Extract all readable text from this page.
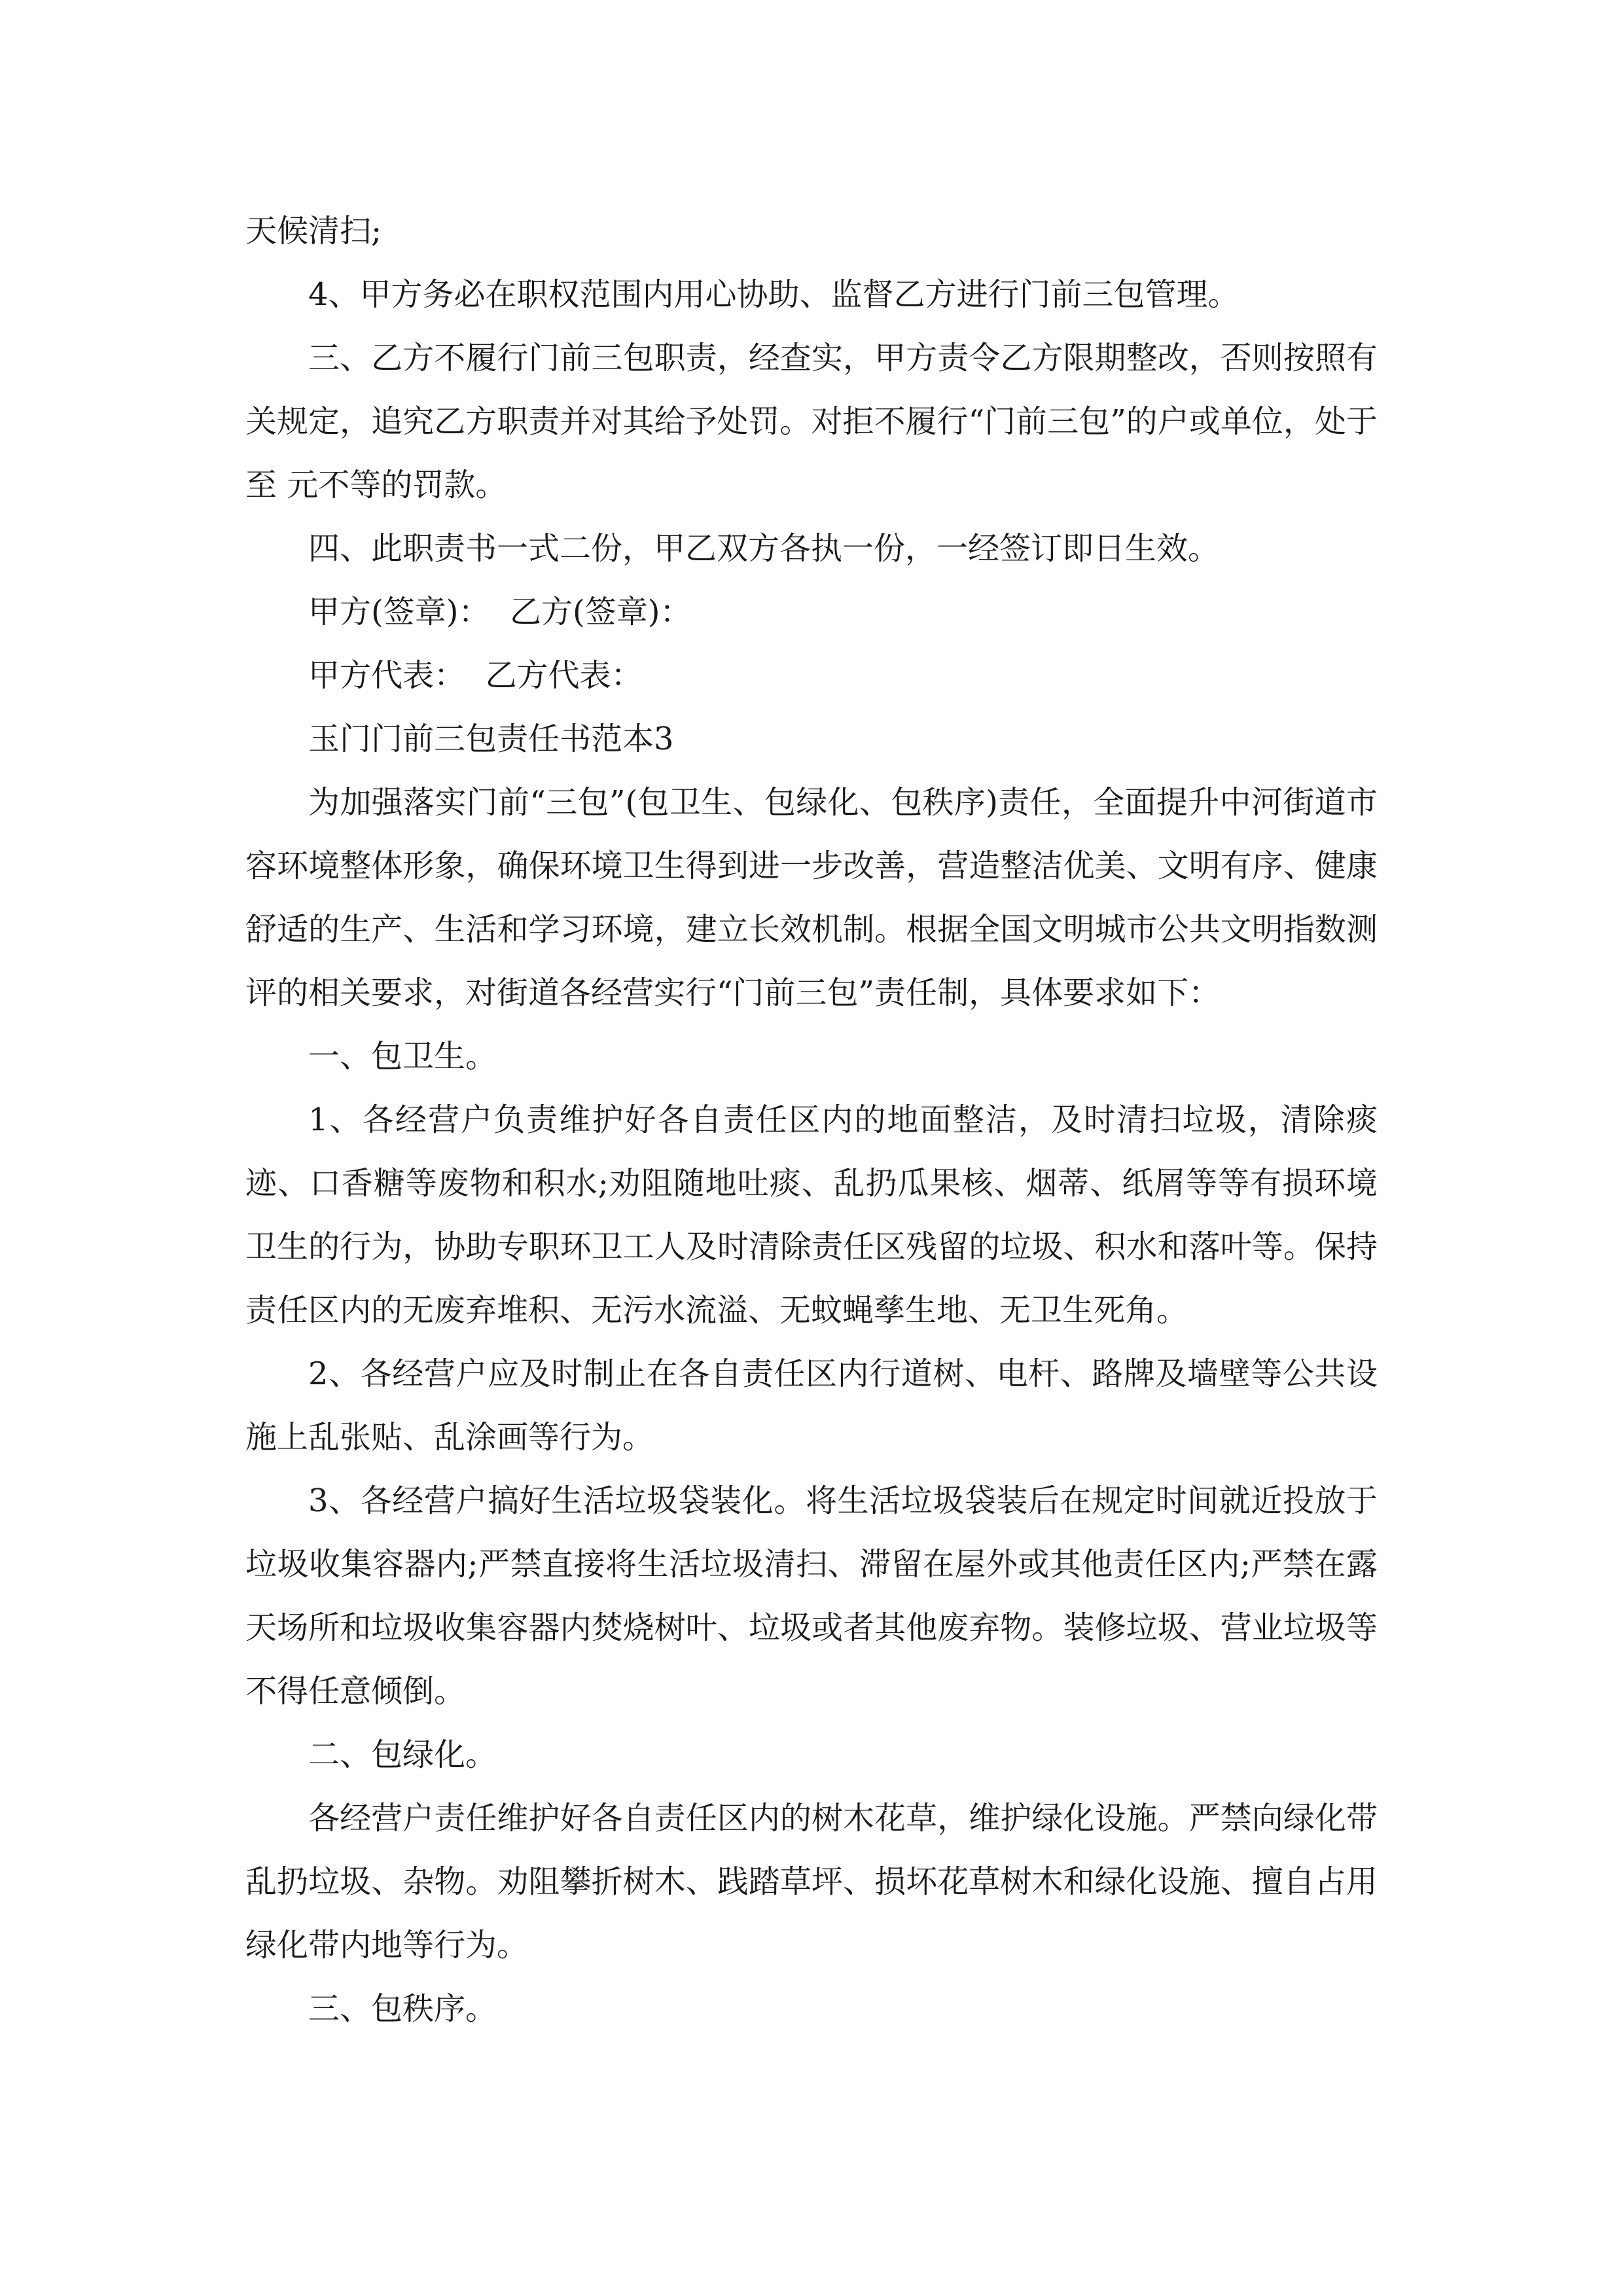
天候清扫;

4、甲方务必在职权范围内用心协助、监督乙方进行门前三包管理。

三、乙方不履行门前三包职责，经查实，甲方责令乙方限期整改，否则按照有关规定，追究乙方职责并对其给予处罚。对拒不履行“门前三包”的户或单位，处于 至 元不等的罚款。

四、此职责书一式二份，甲乙双方各执一份，一经签订即日生效。

甲方(签章)：  乙方(签章)：

甲方代表：  乙方代表：

玉门门前三包责任书范本3

为加强落实门前“三包”(包卫生、包绿化、包秩序)责任，全面提升中河街道市容环境整体形象，确保环境卫生得到进一步改善，营造整洁优美、文明有序、健康舒适的生产、生活和学习环境，建立长效机制。根据全国文明城市公共文明指数测评的相关要求，对街道各经营实行“门前三包”责任制，具体要求如下：

一、包卫生。

1、各经营户负责维护好各自责任区内的地面整洁，及时清扫垃圾，清除痰迹、口香糖等废物和积水;劝阻随地吐痰、乱扔瓜果核、烟蒂、纸屑等等有损环境卫生的行为，协助专职环卫工人及时清除责任区残留的垃圾、积水和落叶等。保持责任区内的无废弃堆积、无污水流溢、无蚊蝇孳生地、无卫生死角。

2、各经营户应及时制止在各自责任区内行道树、电杆、路牌及墙壁等公共设施上乱张贴、乱涂画等行为。

3、各经营户搞好生活垃圾袋装化。将生活垃圾袋装后在规定时间就近投放于垃圾收集容器内;严禁直接将生活垃圾清扫、滞留在屋外或其他责任区内;严禁在露天场所和垃圾收集容器内焚烧树叶、垃圾或者其他废弃物。装修垃圾、营业垃圾等不得任意倾倒。

二、包绿化。

各经营户责任维护好各自责任区内的树木花草，维护绿化设施。严禁向绿化带乱扔垃圾、杂物。劝阻攀折树木、践踏草坪、损坏花草树木和绿化设施、擅自占用绿化带内地等行为。

三、包秩序。
